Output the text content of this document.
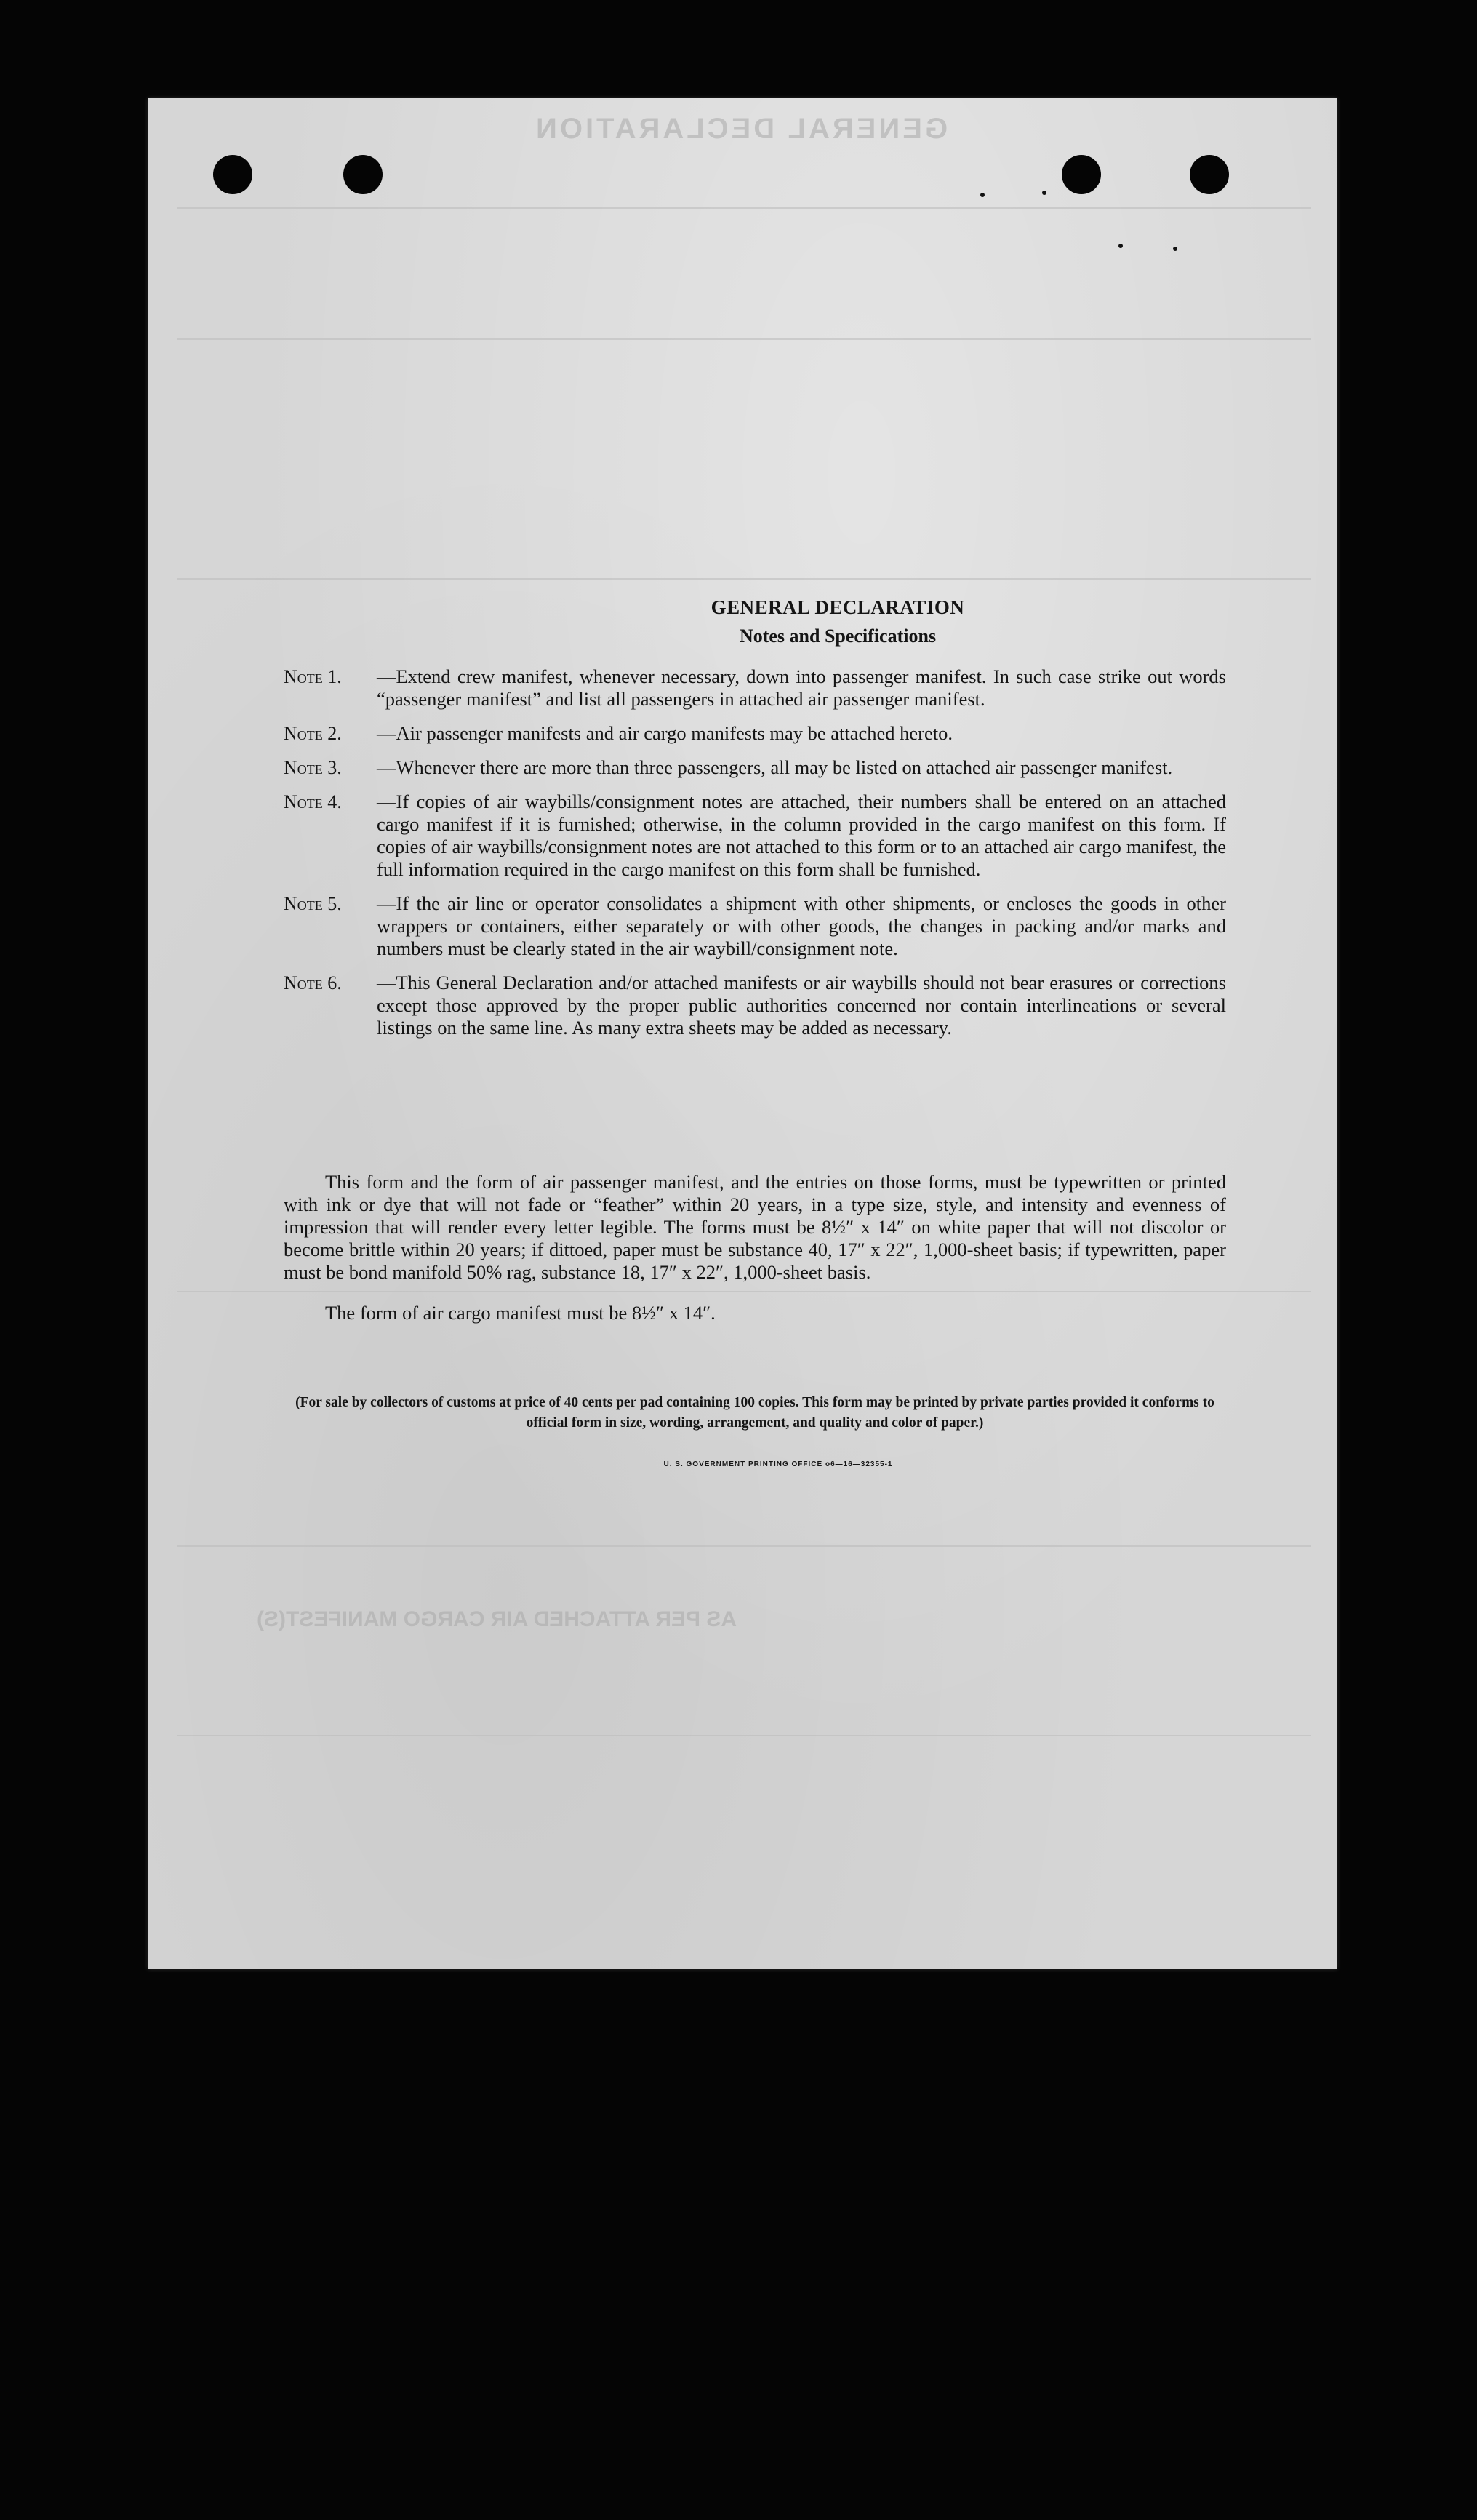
GENERAL DECLARATION
AS PER ATTACHED AIR CARGO MANIFEST(S)
GENERAL DECLARATION
Notes and Specifications
Note 1.	—Extend crew manifest, whenever necessary, down into passenger manifest. In such case strike out words “passenger manifest” and list all passengers in attached air passenger manifest.
Note 2.	—Air passenger manifests and air cargo manifests may be attached hereto.
Note 3.	—Whenever there are more than three passengers, all may be listed on attached air passenger manifest.
Note 4.	—If copies of air waybills/consignment notes are attached, their numbers shall be entered on an attached cargo manifest if it is furnished; otherwise, in the column provided in the cargo manifest on this form. If copies of air waybills/consignment notes are not attached to this form or to an attached air cargo manifest, the full information required in the cargo manifest on this form shall be furnished.
Note 5.	—If the air line or operator consolidates a shipment with other shipments, or encloses the goods in other wrappers or containers, either separately or with other goods, the changes in packing and/or marks and numbers must be clearly stated in the air waybill/consignment note.
Note 6.	—This General Declaration and/or attached manifests or air waybills should not bear erasures or corrections except those approved by the proper public authorities concerned nor contain interlineations or several listings on the same line. As many extra sheets may be added as necessary.
This form and the form of air passenger manifest, and the entries on those forms, must be typewritten or printed with ink or dye that will not fade or “feather” within 20 years, in a type size, style, and intensity and evenness of impression that will render every letter legible. The forms must be 8½″ x 14″ on white paper that will not discolor or become brittle within 20 years; if dittoed, paper must be substance 40, 17″ x 22″, 1,000-sheet basis; if typewritten, paper must be bond manifold 50% rag, substance 18, 17″ x 22″, 1,000-sheet basis.
The form of air cargo manifest must be 8½″ x 14″.
(For sale by collectors of customs at price of 40 cents per pad containing 100 copies. This form may be printed by private parties provided it conforms to official form in size, wording, arrangement, and quality and color of paper.)
U. S. GOVERNMENT PRINTING OFFICE o6—16—32355-1
